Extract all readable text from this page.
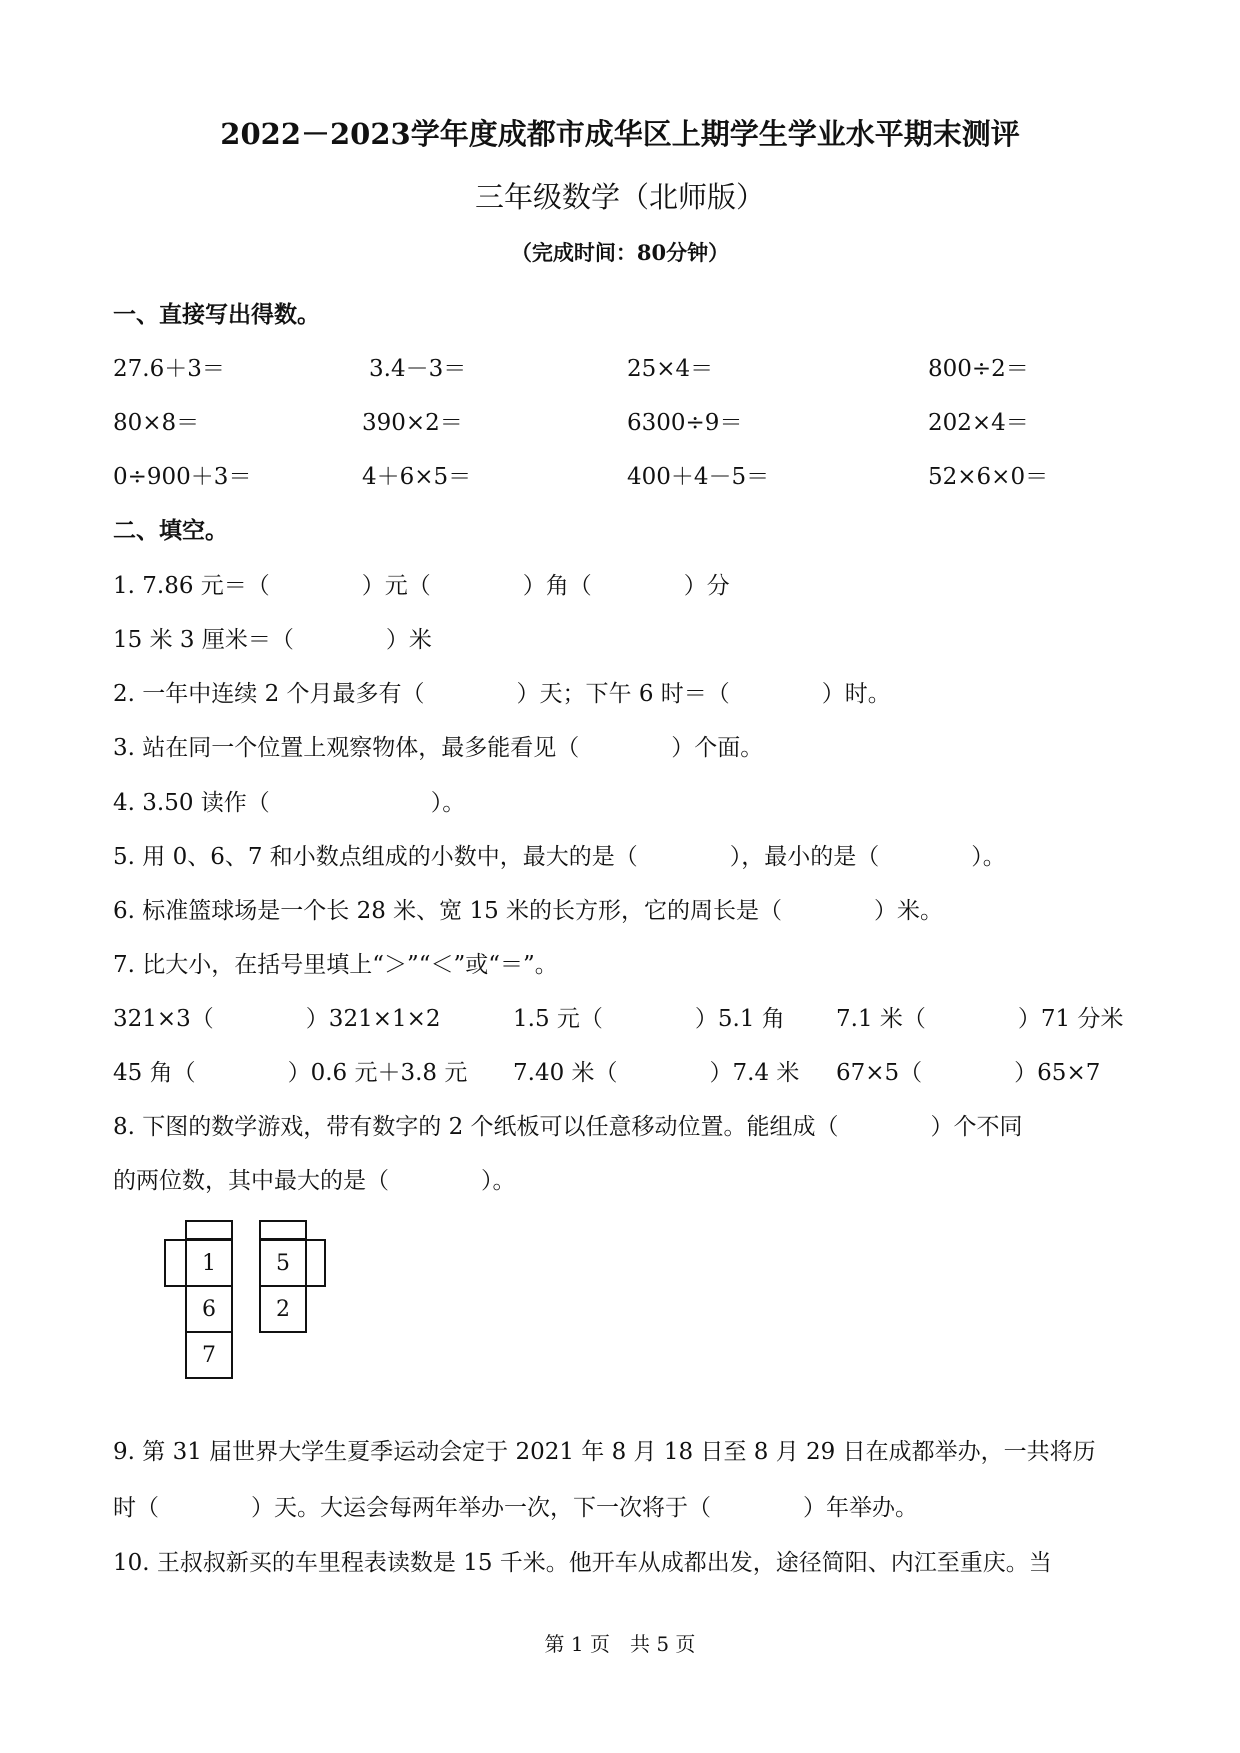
2022－2023学年度成都市成华区上期学生学业水平期末测评
三年级数学（北师版）
（完成时间：80分钟）
一、直接写出得数。
27.6＋3＝	3.4－3＝	25×4＝	800÷2＝
80×8＝	390×2＝	6300÷9＝	202×4＝
0÷900＋3＝	4＋6×5＝	400＋4－5＝	52×6×0＝
二、填空。
1. 7.86 元＝（　　　　）元（　　　　）角（　　　　）分
15 米 3 厘米＝（　　　　）米
2. 一年中连续 2 个月最多有（　　　　）天；下午 6 时＝（　　　　）时。
3. 站在同一个位置上观察物体，最多能看见（　　　　）个面。
4. 3.50 读作（　　　　　　　）。
5. 用 0、6、7 和小数点组成的小数中，最大的是（　　　　），最小的是（　　　　）。
6. 标准篮球场是一个长 28 米、宽 15 米的长方形，它的周长是（　　　　）米。
7. 比大小，在括号里填上“＞”“＜”或“＝”。
321×3（　　　　）321×1×2	1.5 元（　　　　）5.1 角 7.1 米（　　　　）71 分米
45 角（　　　　）0.6 元＋3.8 元 7.40 米（　　　　）7.4 米 67×5（　　　　）65×7
8. 下图的数学游戏，带有数字的 2 个纸板可以任意移动位置。能组成（　　　　）个不同
的两位数，其中最大的是（　　　　）。
1
6
7
5
2
9. 第 31 届世界大学生夏季运动会定于 2021 年 8 月 18 日至 8 月 29 日在成都举办，一共将历
时（　　　　）天。大运会每两年举办一次，下一次将于（　　　　）年举办。
10. 王叔叔新买的车里程表读数是 15 千米。他开车从成都出发，途径简阳、内江至重庆。当
第 1 页　共 5 页
